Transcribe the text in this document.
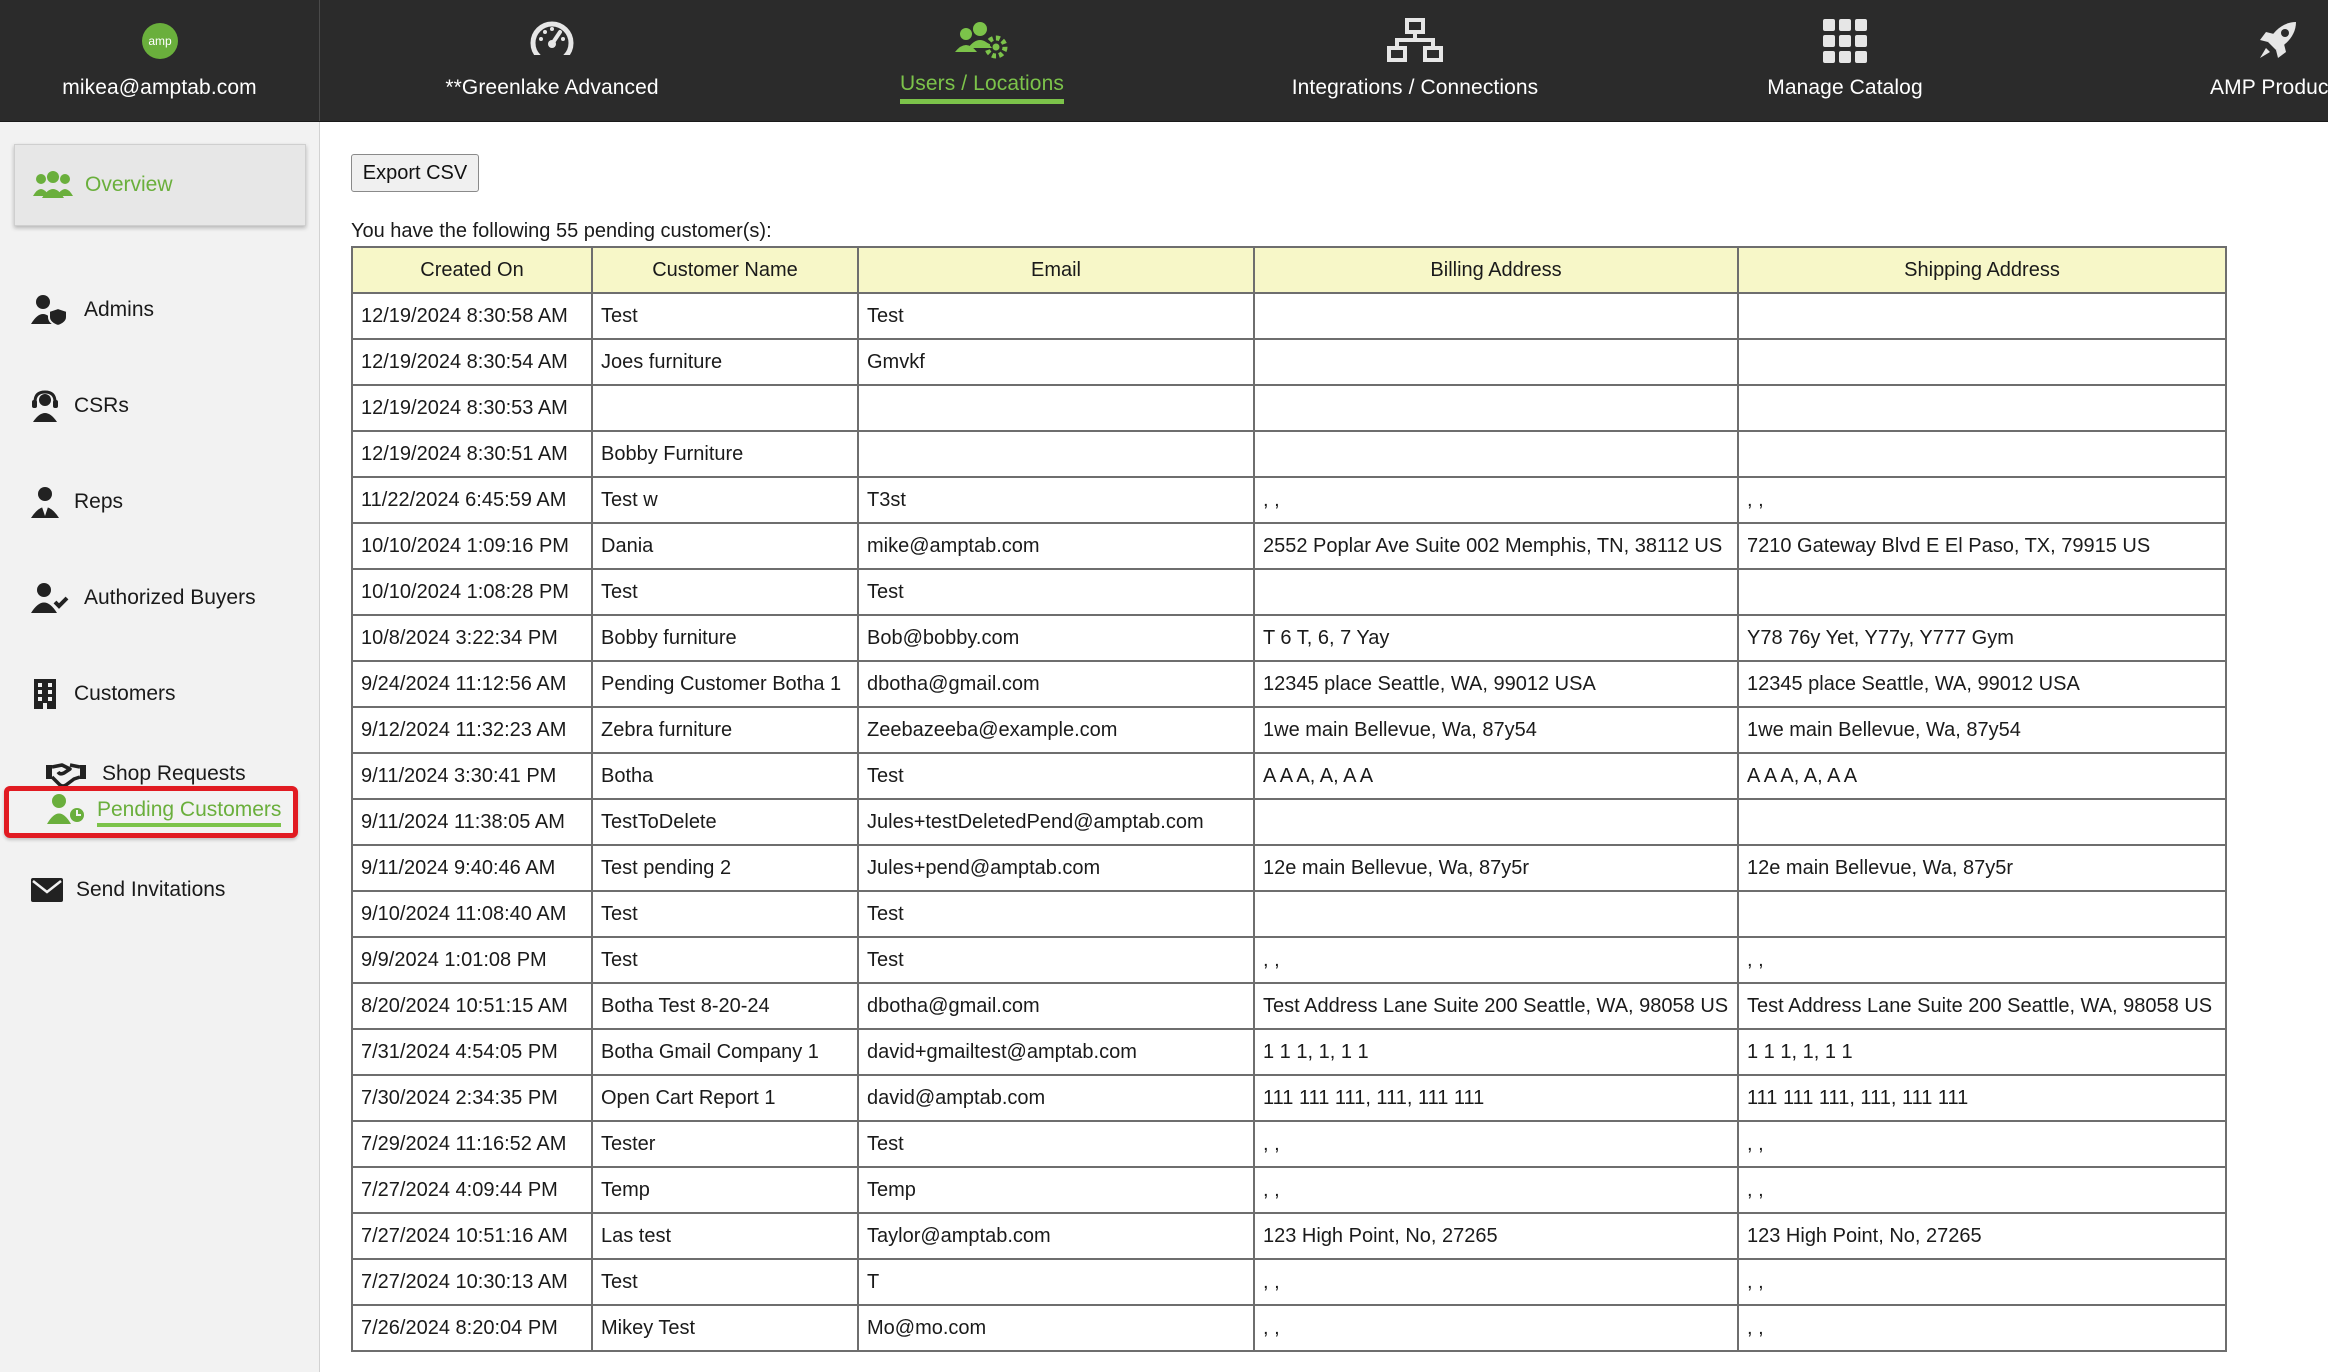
amp
mikea@amptab.com	**Greenlake Advanced	Users / Locations	Integrations / Connections	Manage Catalog	AMP Produc
Overview
Admins
CSRs
Reps
Authorized Buyers
Customers
Shop Requests
Pending Customers
Send Invitations
Export CSV
You have the following 55 pending customer(s):
Created On	Customer Name	Email	Billing Address	Shipping Address
12/19/2024 8:30:58 AM	Test	Test		
12/19/2024 8:30:54 AM	Joes furniture	Gmvkf		
12/19/2024 8:30:53 AM				
12/19/2024 8:30:51 AM	Bobby Furniture			
11/22/2024 6:45:59 AM	Test w	T3st	, ,	, ,
10/10/2024 1:09:16 PM	Dania	mike@amptab.com	2552 Poplar Ave Suite 002 Memphis, TN, 38112 US	7210 Gateway Blvd E El Paso, TX, 79915 US
10/10/2024 1:08:28 PM	Test	Test		
10/8/2024 3:22:34 PM	Bobby furniture	Bob@bobby.com	T 6 T, 6, 7 Yay	Y78 76y Yet, Y77y, Y777 Gym
9/24/2024 11:12:56 AM	Pending Customer Botha 1	dbotha@gmail.com	12345 place Seattle, WA, 99012 USA	12345 place Seattle, WA, 99012 USA
9/12/2024 11:32:23 AM	Zebra furniture	Zeebazeeba@example.com	1we main Bellevue, Wa, 87y54	1we main Bellevue, Wa, 87y54
9/11/2024 3:30:41 PM	Botha	Test	A A A, A, A A	A A A, A, A A
9/11/2024 11:38:05 AM	TestToDelete	Jules+testDeletedPend@amptab.com		
9/11/2024 9:40:46 AM	Test pending 2	Jules+pend@amptab.com	12e main Bellevue, Wa, 87y5r	12e main Bellevue, Wa, 87y5r
9/10/2024 11:08:40 AM	Test	Test		
9/9/2024 1:01:08 PM	Test	Test	, ,	, ,
8/20/2024 10:51:15 AM	Botha Test 8-20-24	dbotha@gmail.com	Test Address Lane Suite 200 Seattle, WA, 98058 US	Test Address Lane Suite 200 Seattle, WA, 98058 US
7/31/2024 4:54:05 PM	Botha Gmail Company 1	david+gmailtest@amptab.com	1 1 1, 1, 1 1	1 1 1, 1, 1 1
7/30/2024 2:34:35 PM	Open Cart Report 1	david@amptab.com	111 111 111, 111, 111 111	111 111 111, 111, 111 111
7/29/2024 11:16:52 AM	Tester	Test	, ,	, ,
7/27/2024 4:09:44 PM	Temp	Temp	, ,	, ,
7/27/2024 10:51:16 AM	Las test	Taylor@amptab.com	123 High Point, No, 27265	123 High Point, No, 27265
7/27/2024 10:30:13 AM	Test	T	, ,	, ,
7/26/2024 8:20:04 PM	Mikey Test	Mo@mo.com	, ,	, ,
